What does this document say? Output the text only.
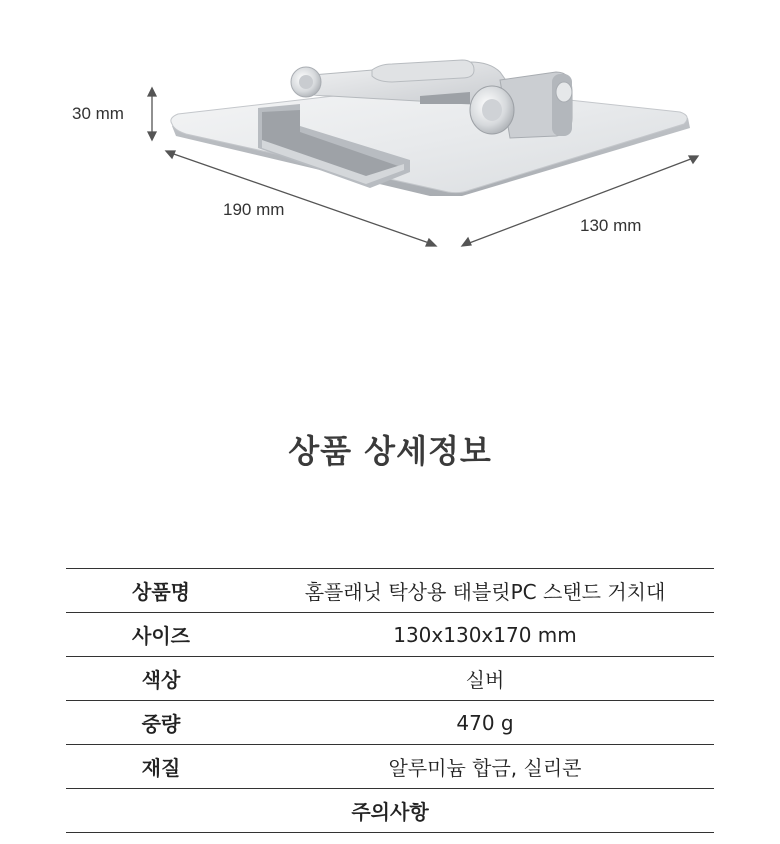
30 mm
190 mm
130 mm
상품 상세정보
상품명	홈플래닛 탁상용 태블릿PC 스탠드 거치대
사이즈	130x130x170 mm
색상	실버
중량	470 g
재질	알루미늄 합금, 실리콘
주의사항	
